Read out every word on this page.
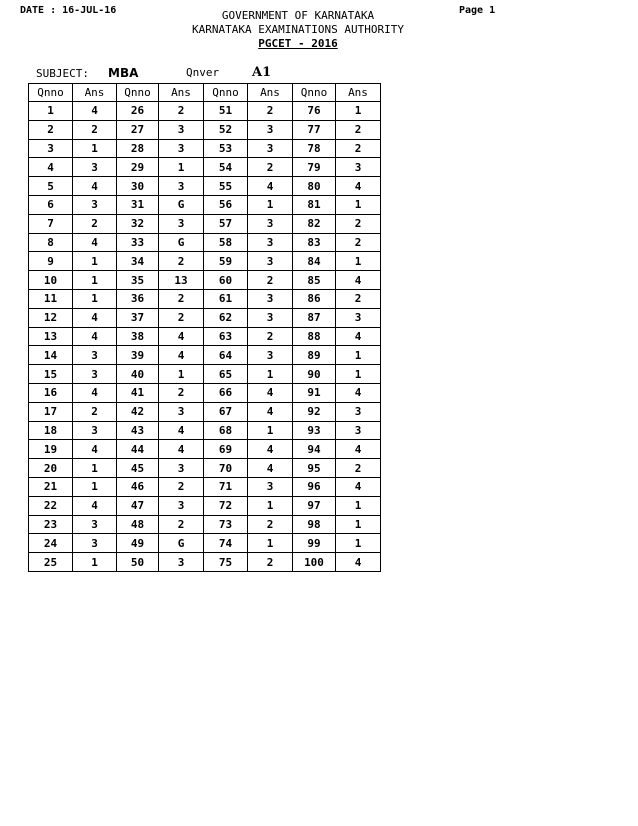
DATE : 16-JUL-16	Page 1
GOVERNMENT OF KARNATAKA
KARNATAKA EXAMINATIONS AUTHORITY
PGCET - 2016
SUBJECT: MBA	Qnver	A1
Qnno	Ans	Qnno	Ans	Qnno	Ans	Qnno	Ans
1	4	26	2	51	2	76	1
2	2	27	3	52	3	77	2
3	1	28	3	53	3	78	2
4	3	29	1	54	2	79	3
5	4	30	3	55	4	80	4
6	3	31	G	56	1	81	1
7	2	32	3	57	3	82	2
8	4	33	G	58	3	83	2
9	1	34	2	59	3	84	1
10	1	35	13	60	2	85	4
11	1	36	2	61	3	86	2
12	4	37	2	62	3	87	3
13	4	38	4	63	2	88	4
14	3	39	4	64	3	89	1
15	3	40	1	65	1	90	1
16	4	41	2	66	4	91	4
17	2	42	3	67	4	92	3
18	3	43	4	68	1	93	3
19	4	44	4	69	4	94	4
20	1	45	3	70	4	95	2
21	1	46	2	71	3	96	4
22	4	47	3	72	1	97	1
23	3	48	2	73	2	98	1
24	3	49	G	74	1	99	1
25	1	50	3	75	2	100	4
